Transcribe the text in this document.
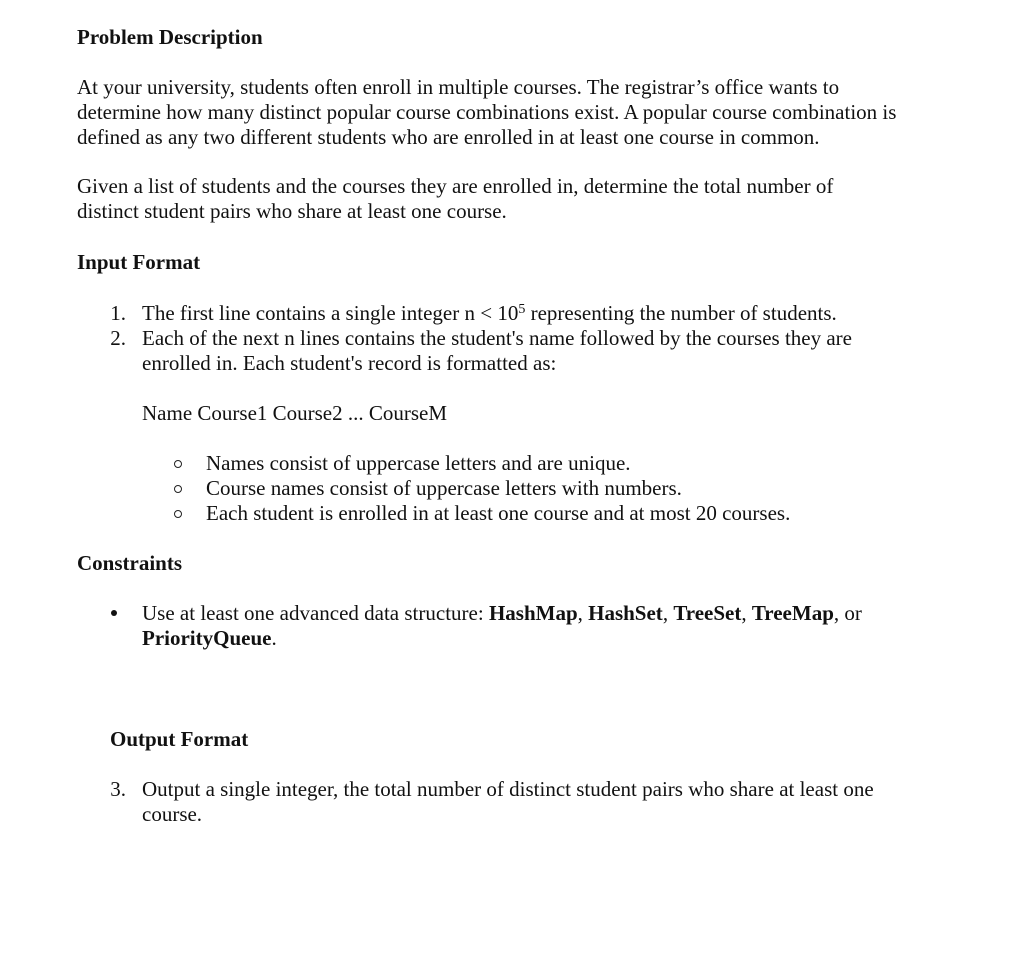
Problem Description

At your university, students often enroll in multiple courses. The registrar’s office wants to determine how many distinct popular course combinations exist. A popular course combination is defined as any two different students who are enrolled in at least one course in common.

Given a list of students and the courses they are enrolled in, determine the total number of distinct student pairs who share at least one course.

Input Format
1. The first line contains a single integer $n < 10^5$ representing the number of students.
2. Each of the next n lines contains the student's name followed by the courses they are enrolled in. Each student's record is formatted as:

Name Course1 Course2 ... CourseM

Names consist of uppercase letters and are unique.

Course names consist of uppercase letters with numbers.

Each student is enrolled in at least one course and at most 20 courses.

Constraints

Use at least one advanced data structure: HashMap, HashSet, TreeSet, TreeMap, or PriorityQueue.

Output Format
3. Output a single integer, the total number of distinct student pairs who share at least one course.
